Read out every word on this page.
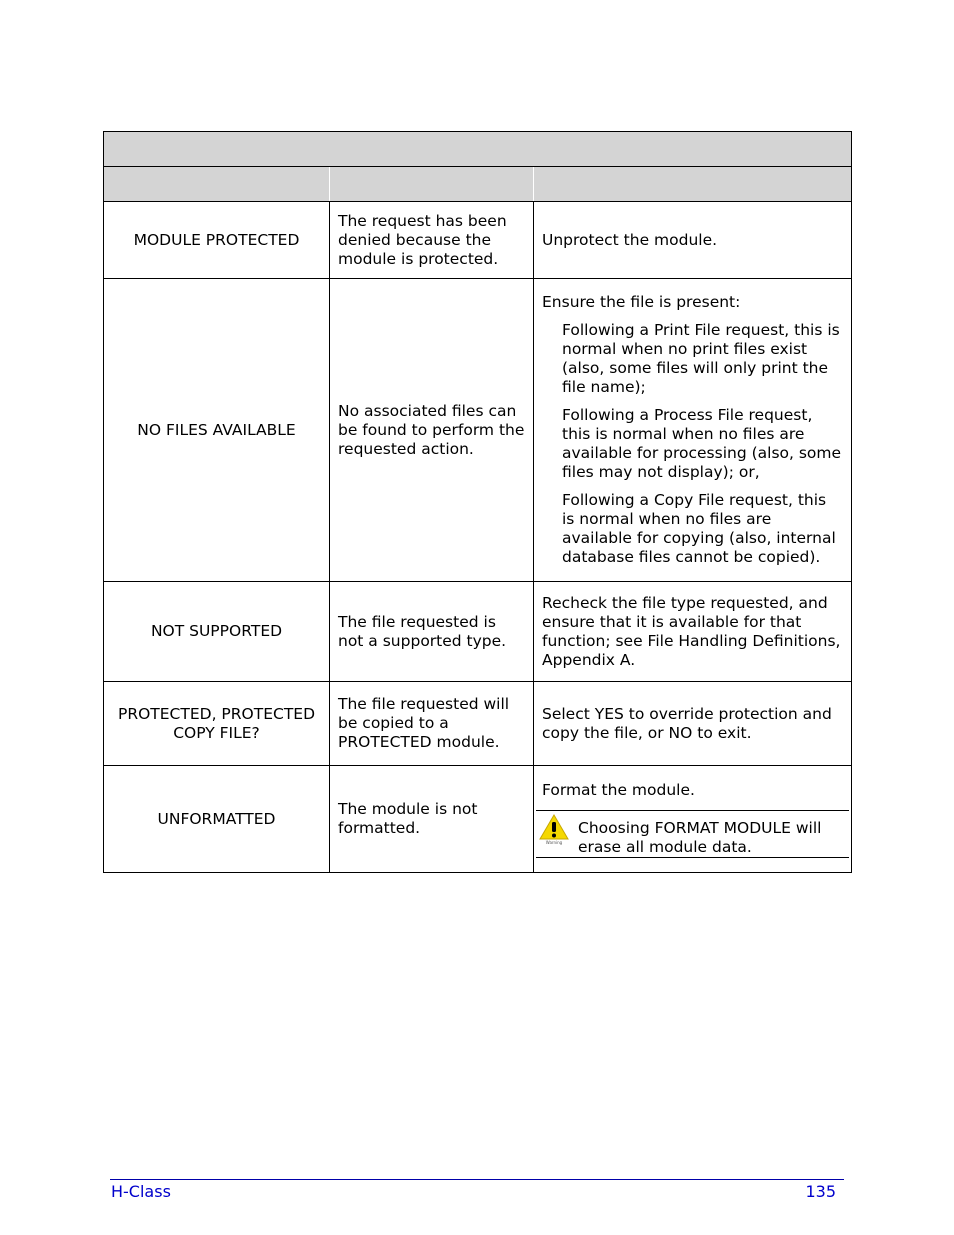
MODULE PROTECTED	The request has been denied because the module is protected.	Unprotect the module.
NO FILES AVAILABLE	No associated files can be found to perform the requested action.	Ensure the file is present:

Following a Print File request, this is normal when no print files exist (also, some files will only print the file name);

Following a Process File request, this is normal when no files are available for processing (also, some files may not display); or,

Following a Copy File request, this is normal when no files are available for copying (also, internal database files cannot be copied).

NOT SUPPORTED	The file requested is not a supported type.	Recheck the file type requested, and ensure that it is available for that function; see File Handling Definitions, Appendix A.
PROTECTED, PROTECTED COPY FILE?	The file requested will be copied to a PROTECTED module.	Select YES to override protection and copy the file, or NO to exit.
UNFORMATTED	The module is not formatted.	Format the module.

Warning
Choosing FORMAT MODULE will erase all module data.
H-Class	135
